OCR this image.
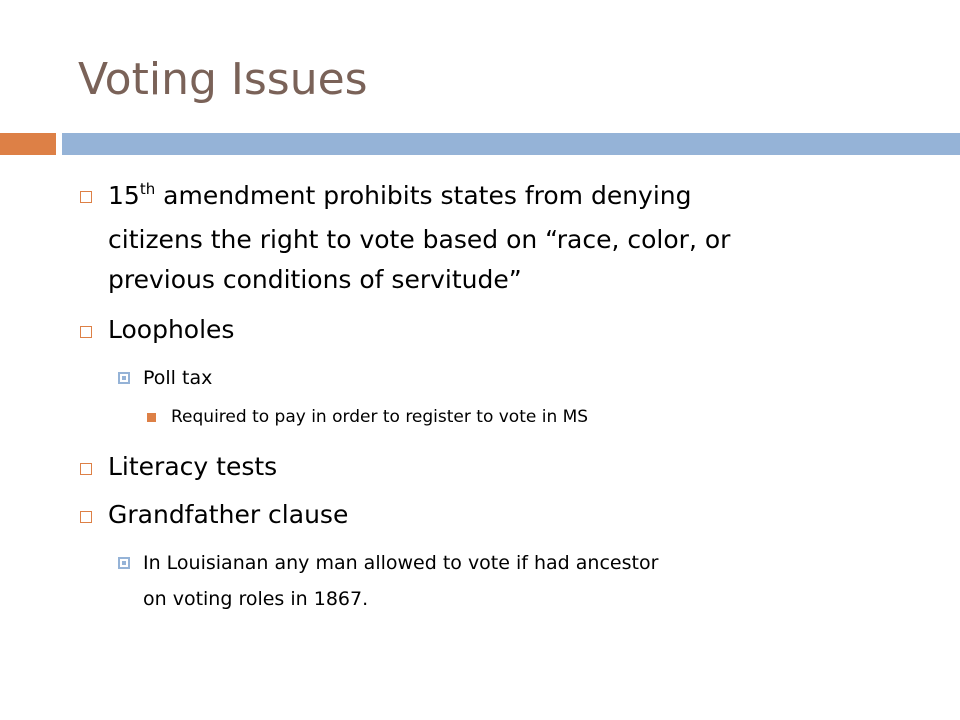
Voting Issues
15th amendment prohibits states from denying
citizens the right to vote based on “race, color, or
previous conditions of servitude”
Loopholes
Poll tax
Required to pay in order to register to vote in MS
Literacy tests
Grandfather clause
In Louisianan any man allowed to vote if had ancestor
on voting roles in 1867.
